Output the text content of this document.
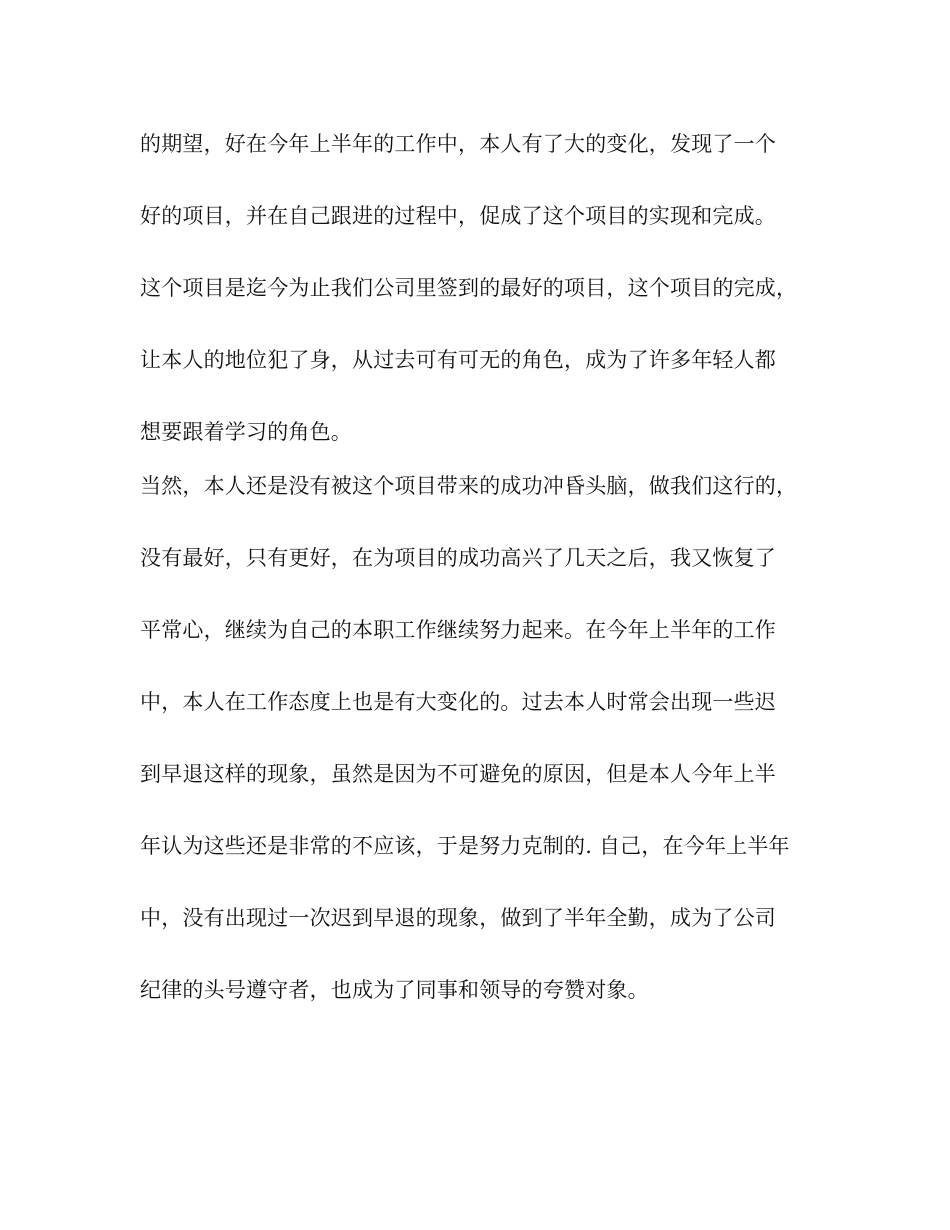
的期望，好在今年上半年的工作中，本人有了大的变化，发现了一个
好的项目，并在自己跟进的过程中，促成了这个项目的实现和完成。
这个项目是迄今为止我们公司里签到的最好的项目，这个项目的完成，
让本人的地位犯了身，从过去可有可无的角色，成为了许多年轻人都
想要跟着学习的角色。
当然，本人还是没有被这个项目带来的成功冲昏头脑，做我们这行的，
没有最好，只有更好，在为项目的成功高兴了几天之后，我又恢复了
平常心，继续为自己的本职工作继续努力起来。在今年上半年的工作
中，本人在工作态度上也是有大变化的。过去本人时常会出现一些迟
到早退这样的现象，虽然是因为不可避免的原因，但是本人今年上半
年认为这些还是非常的不应该，于是努力克制的. 自己，在今年上半年
中，没有出现过一次迟到早退的现象，做到了半年全勤，成为了公司
纪律的头号遵守者，也成为了同事和领导的夸赞对象。
